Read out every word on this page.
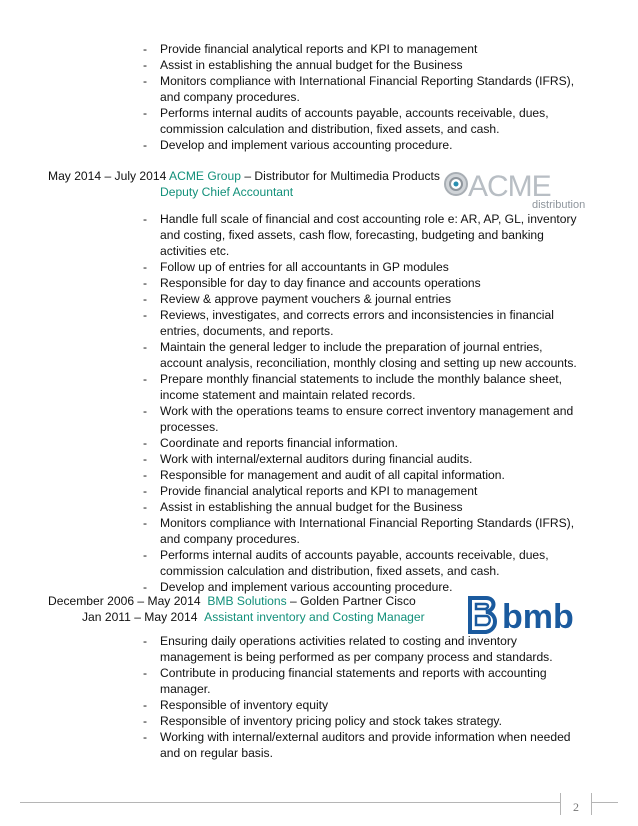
- Provide financial analytical reports and KPI to management
- Assist in establishing the annual budget for the Business
- Monitors compliance with International Financial Reporting Standards (IFRS), and company procedures.
- Performs internal audits of accounts payable, accounts receivable, dues, commission calculation and distribution, fixed assets, and cash.
- Develop and implement various accounting procedure.
May 2014 – July 2014 ACME Group – Distributor for Multimedia Products
Deputy Chief Accountant	ACME
distribution
- Handle full scale of financial and cost accounting role e: AR, AP, GL, inventory and costing, fixed assets, cash flow, forecasting, budgeting and banking activities etc.
- Follow up of entries for all accountants in GP modules
- Responsible for day to day finance and accounts operations
- Review & approve payment vouchers & journal entries
- Reviews, investigates, and corrects errors and inconsistencies in financial entries, documents, and reports.
- Maintain the general ledger to include the preparation of journal entries, account analysis, reconciliation, monthly closing and setting up new accounts.
- Prepare monthly financial statements to include the monthly balance sheet, income statement and maintain related records.
- Work with the operations teams to ensure correct inventory management and processes.
- Coordinate and reports financial information.
- Work with internal/external auditors during financial audits.
- Responsible for management and audit of all capital information.
- Provide financial analytical reports and KPI to management
- Assist in establishing the annual budget for the Business
- Monitors compliance with International Financial Reporting Standards (IFRS), and company procedures.
- Performs internal audits of accounts payable, accounts receivable, dues, commission calculation and distribution, fixed assets, and cash.
- Develop and implement various accounting procedure.
December 2006 – May 2014 BMB Solutions – Golden Partner Cisco
Jan 2011 – May 2014 Assistant inventory and Costing Manager bmb
- Ensuring daily operations activities related to costing and inventory management is being performed as per company process and standards.
- Contribute in producing financial statements and reports with accounting manager.
- Responsible of inventory equity
- Responsible of inventory pricing policy and stock takes strategy.
- Working with internal/external auditors and provide information when needed and on regular basis.
2
